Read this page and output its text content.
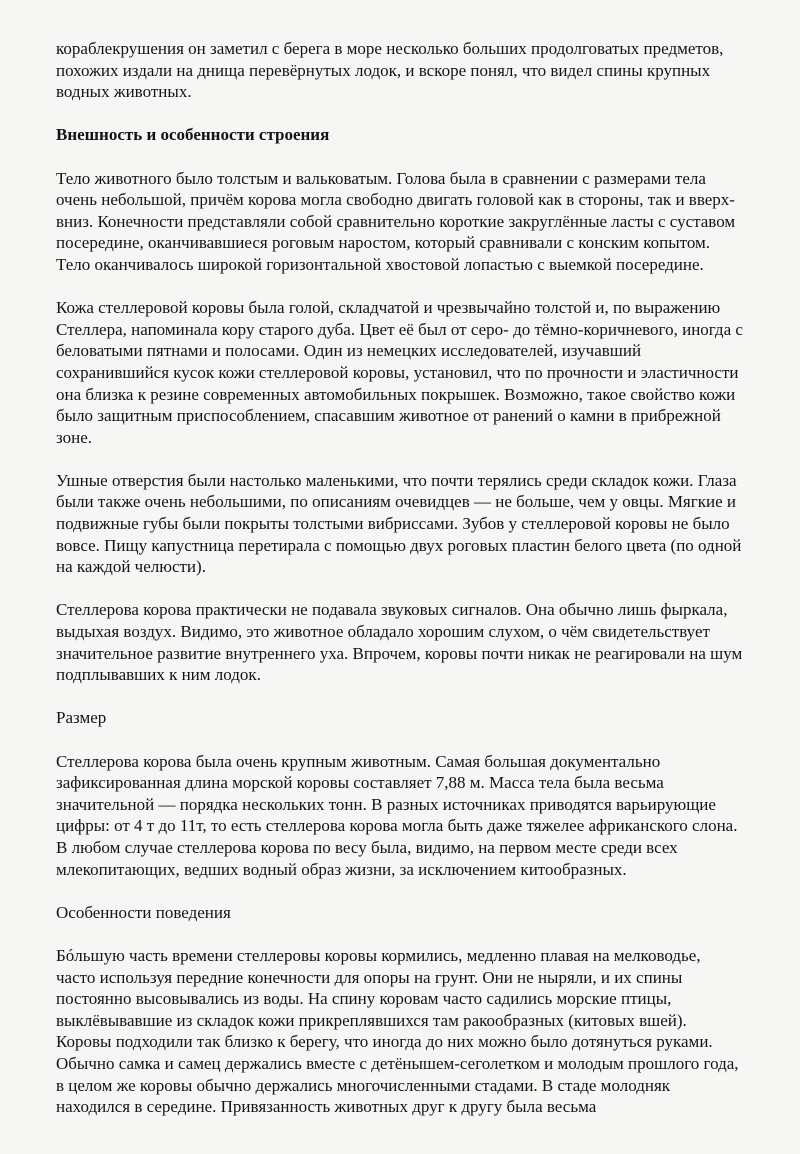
кораблекрушения он заметил с берега в море несколько больших продолговатых предметов, похожих издали на днища перевёрнутых лодок, и вскоре понял, что видел спины крупных водных животных.

Внешность и особенности строения

Тело животного было толстым и вальковатым. Голова была в сравнении с размерами тела очень небольшой, причём корова могла свободно двигать головой как в стороны, так и вверх-вниз. Конечности представляли собой сравнительно короткие закруглённые ласты с суставом посередине, оканчивавшиеся роговым наростом, который сравнивали с конским копытом. Тело оканчивалось широкой горизонтальной хвостовой лопастью с выемкой посередине.

Кожа стеллеровой коровы была голой, складчатой и чрезвычайно толстой и, по выражению Стеллера, напоминала кору старого дуба. Цвет её был от серо- до тёмно-коричневого, иногда с беловатыми пятнами и полосами. Один из немецких исследователей, изучавший сохранившийся кусок кожи стеллеровой коровы, установил, что по прочности и эластичности она близка к резине современных автомобильных покрышек. Возможно, такое свойство кожи было защитным приспособлением, спасавшим животное от ранений о камни в прибрежной зоне.

Ушные отверстия были настолько маленькими, что почти терялись среди складок кожи. Глаза были также очень небольшими, по описаниям очевидцев — не больше, чем у овцы. Мягкие и подвижные губы были покрыты толстыми вибриссами. Зубов у стеллеровой коровы не было вовсе. Пищу капустница перетирала с помощью двух роговых пластин белого цвета (по одной на каждой челюсти).

Стеллерова корова практически не подавала звуковых сигналов. Она обычно лишь фыркала, выдыхая воздух. Видимо, это животное обладало хорошим слухом, о чём свидетельствует значительное развитие внутреннего уха. Впрочем, коровы почти никак не реагировали на шум подплывавших к ним лодок.

Размер

Стеллерова корова была очень крупным животным. Самая большая документально зафиксированная длина морской коровы составляет 7,88 м. Масса тела была весьма значительной — порядка нескольких тонн. В разных источниках приводятся варьирующие цифры: от 4 т до 11т, то есть стеллерова корова могла быть даже тяжелее африканского слона. В любом случае стеллерова корова по весу была, видимо, на первом месте среди всех млекопитающих, ведших водный образ жизни, за исключением китообразных.

Особенности поведения

Бóльшую часть времени стеллеровы коровы кормились, медленно плавая на мелководье, часто используя передние конечности для опоры на грунт. Они не ныряли, и их спины постоянно высовывались из воды. На спину коровам часто садились морские птицы, выклёвывавшие из складок кожи прикреплявшихся там ракообразных (китовых вшей). Коровы подходили так близко к берегу, что иногда до них можно было дотянуться руками. Обычно самка и самец держались вместе с детёнышем-сеголетком и молодым прошлого года, в целом же коровы обычно держались многочисленными стадами. В стаде молодняк находился в середине. Привязанность животных друг к другу была весьма
